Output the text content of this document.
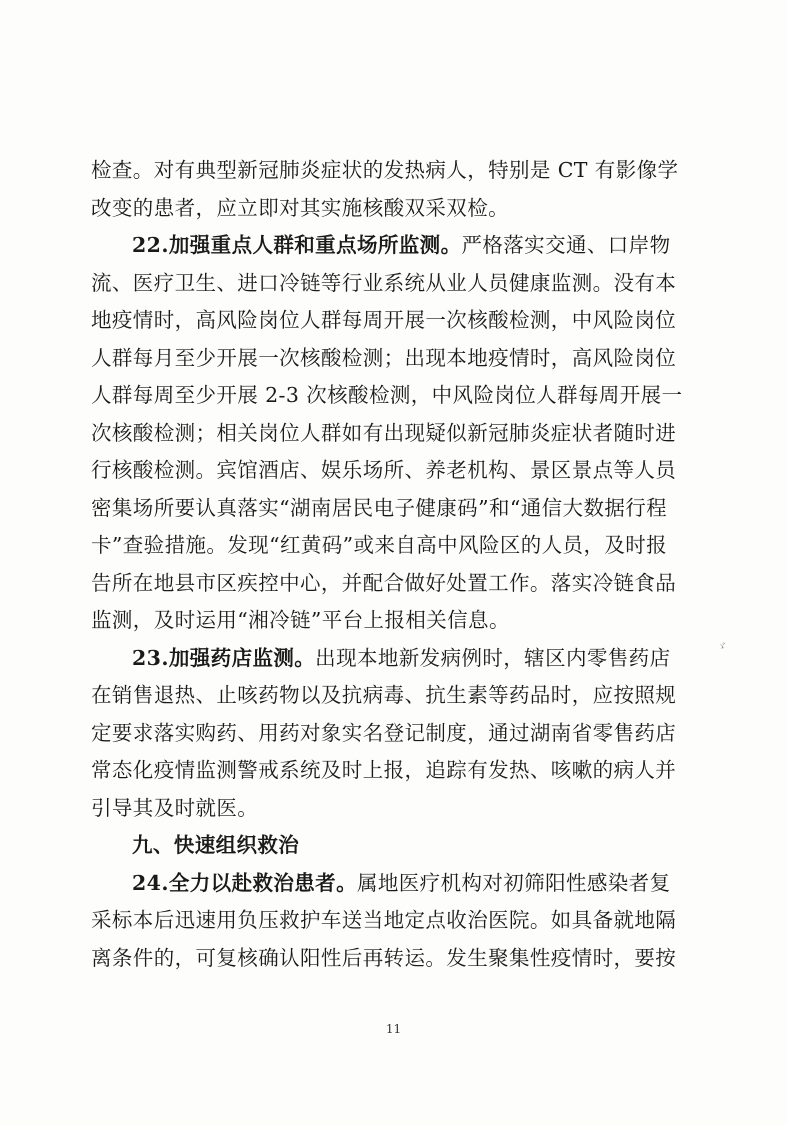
检查。对有典型新冠肺炎症状的发热病人，特别是 CT 有影像学
改变的患者，应立即对其实施核酸双采双检。
22.加强重点人群和重点场所监测。严格落实交通、口岸物
流、医疗卫生、进口冷链等行业系统从业人员健康监测。没有本
地疫情时，高风险岗位人群每周开展一次核酸检测，中风险岗位
人群每月至少开展一次核酸检测；出现本地疫情时，高风险岗位
人群每周至少开展 2-3 次核酸检测，中风险岗位人群每周开展一
次核酸检测；相关岗位人群如有出现疑似新冠肺炎症状者随时进
行核酸检测。宾馆酒店、娱乐场所、养老机构、景区景点等人员
密集场所要认真落实“湖南居民电子健康码”和“通信大数据行程
卡”查验措施。发现“红黄码”或来自高中风险区的人员，及时报
告所在地县市区疾控中心，并配合做好处置工作。落实冷链食品
监测，及时运用“湘冷链”平台上报相关信息。
23.加强药店监测。出现本地新发病例时，辖区内零售药店
在销售退热、止咳药物以及抗病毒、抗生素等药品时，应按照规
定要求落实购药、用药对象实名登记制度，通过湖南省零售药店
常态化疫情监测警戒系统及时上报，追踪有发热、咳嗽的病人并
引导其及时就医。
九、快速组织救治
24.全力以赴救治患者。属地医疗机构对初筛阳性感染者复
采标本后迅速用负压救护车送当地定点收治医院。如具备就地隔
离条件的，可复核确认阳性后再转运。发生聚集性疫情时，要按
ゞ
11
